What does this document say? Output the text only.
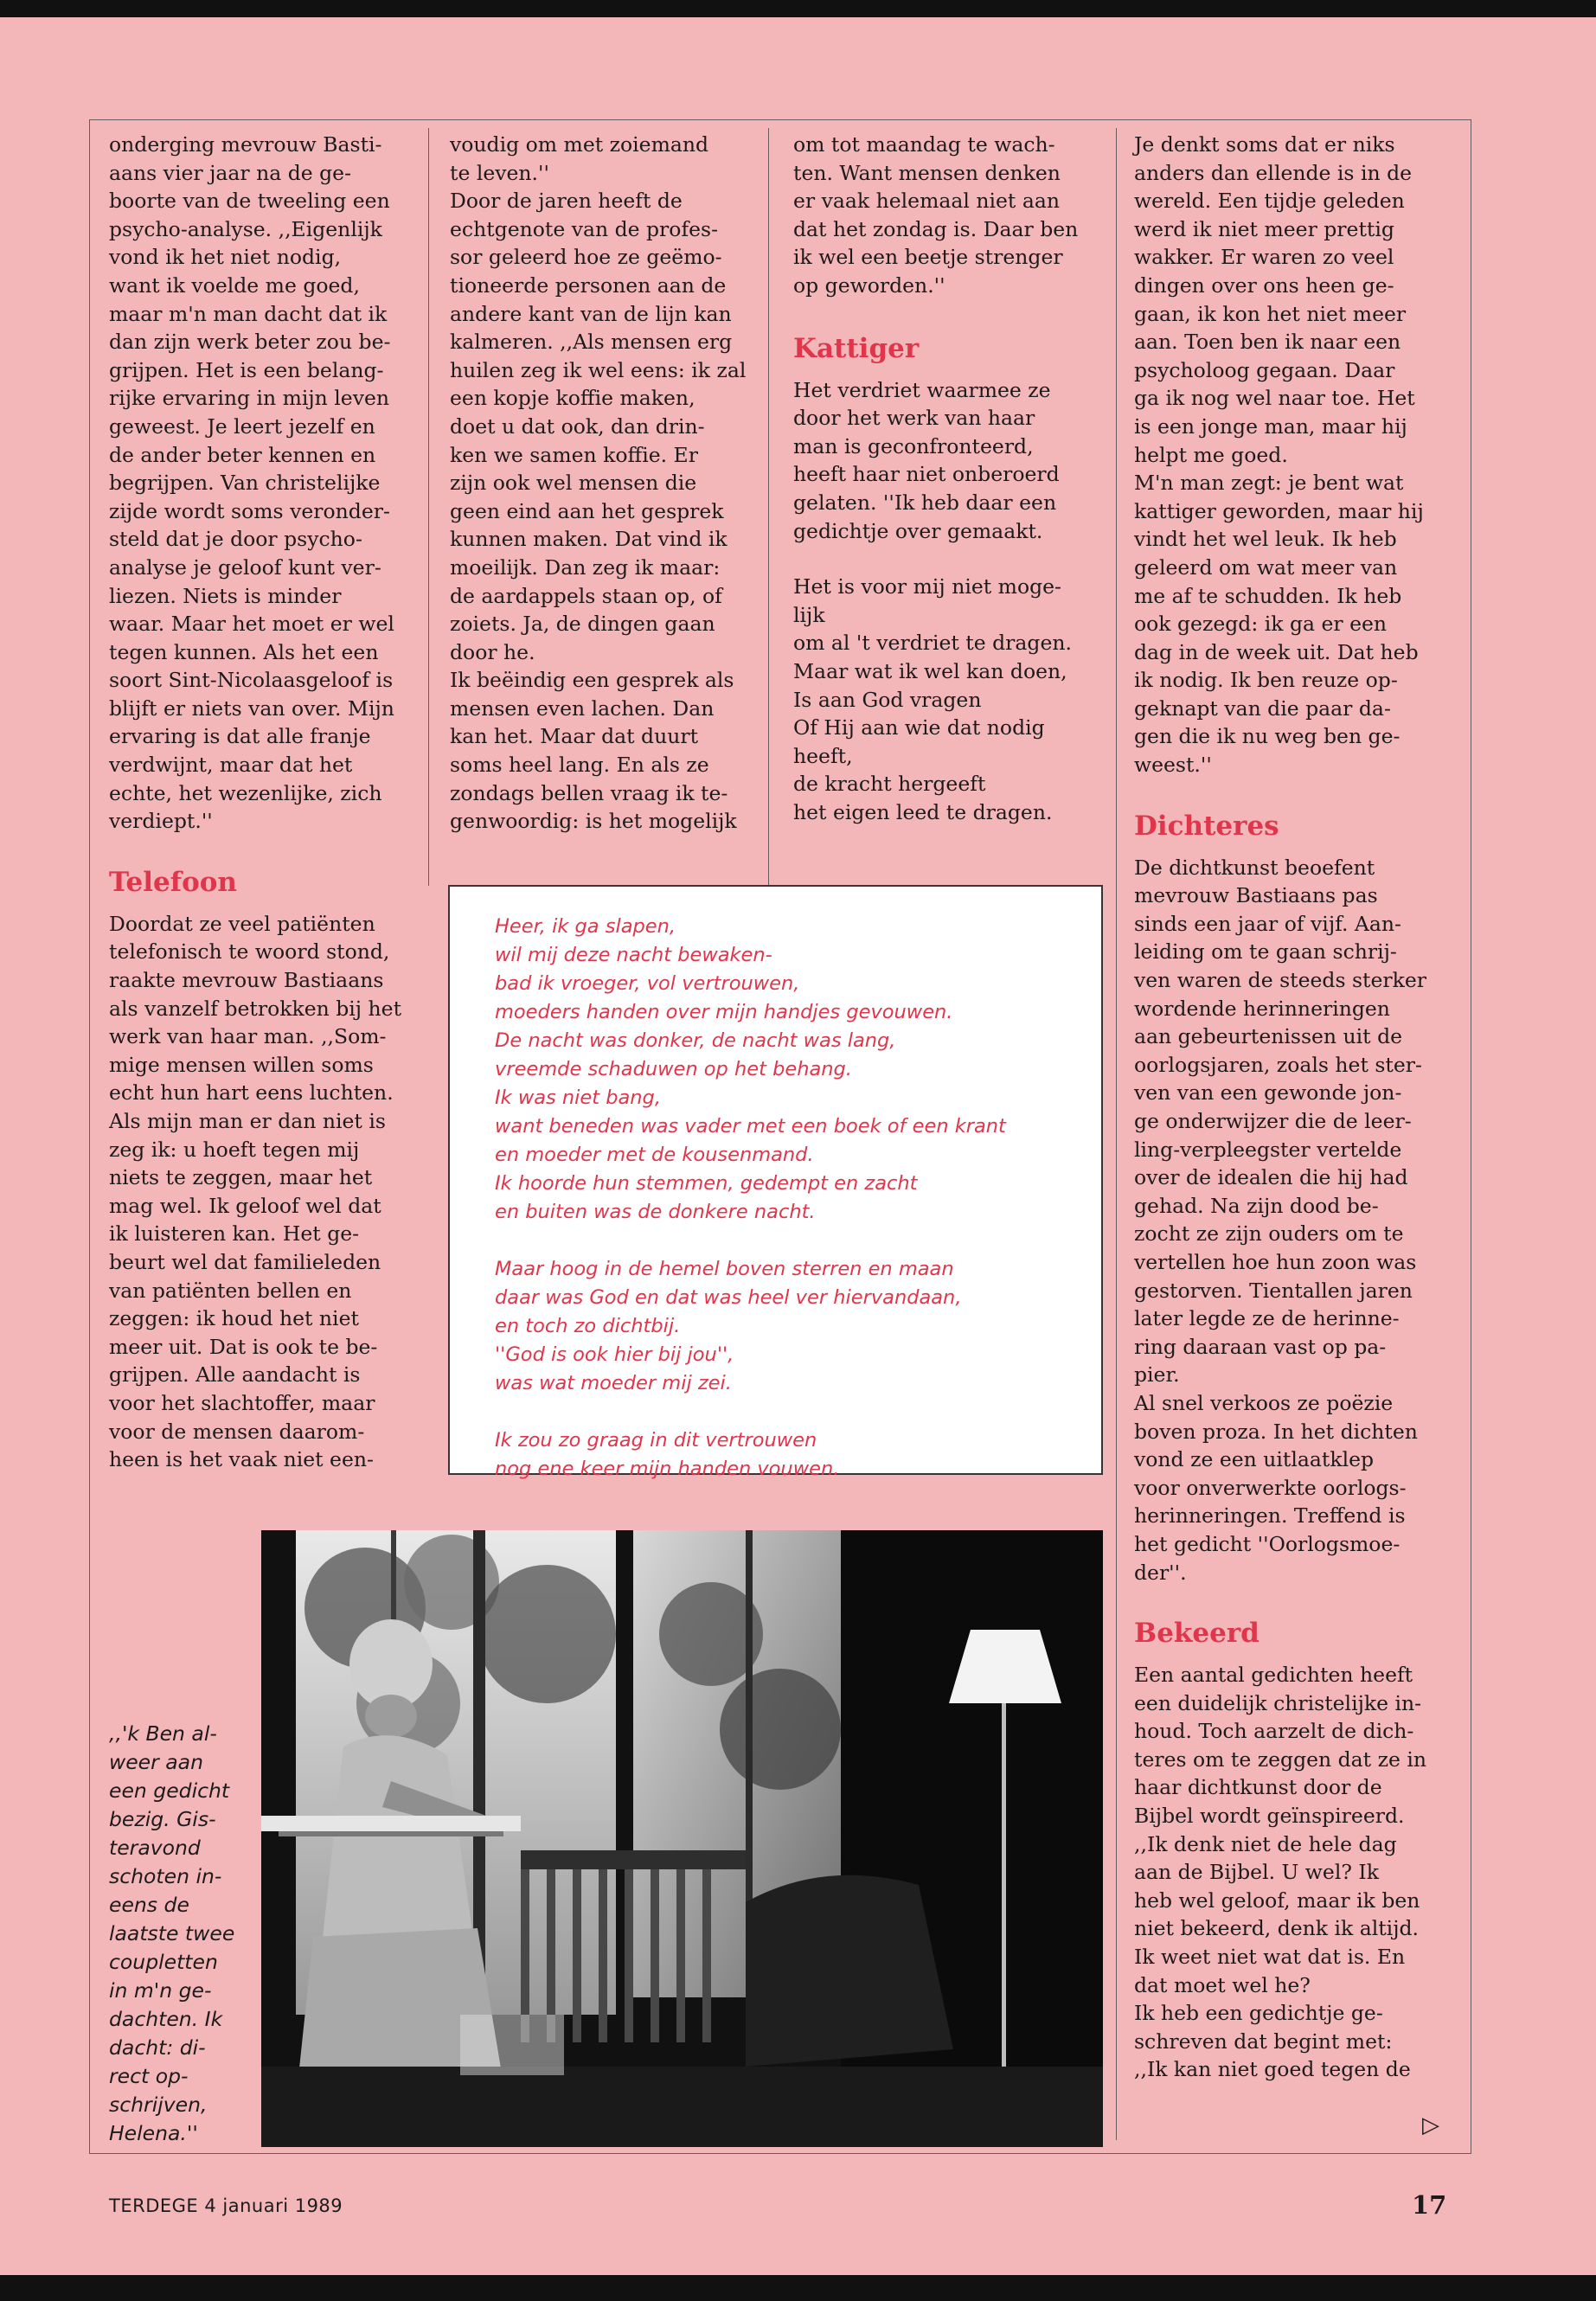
onderging mevrouw Basti-
aans vier jaar na de ge-
boorte van de tweeling een
psycho-analyse. ,,Eigenlijk
vond ik het niet nodig,
want ik voelde me goed,
maar m'n man dacht dat ik
dan zijn werk beter zou be-
grijpen. Het is een belang-
rijke ervaring in mijn leven
geweest. Je leert jezelf en
de ander beter kennen en
begrijpen. Van christelijke
zijde wordt soms veronder-
steld dat je door psycho-
analyse je geloof kunt ver-
liezen. Niets is minder
waar. Maar het moet er wel
tegen kunnen. Als het een
soort Sint-Nicolaasgeloof is
blijft er niets van over. Mijn
ervaring is dat alle franje
verdwijnt, maar dat het
echte, het wezenlijke, zich
verdiept.''

Telefoon

Doordat ze veel patiënten
telefonisch te woord stond,
raakte mevrouw Bastiaans
als vanzelf betrokken bij het
werk van haar man. ,,Som-
mige mensen willen soms
echt hun hart eens luchten.
Als mijn man er dan niet is
zeg ik: u hoeft tegen mij
niets te zeggen, maar het
mag wel. Ik geloof wel dat
ik luisteren kan. Het ge-
beurt wel dat familieleden
van patiënten bellen en
zeggen: ik houd het niet
meer uit. Dat is ook te be-
grijpen. Alle aandacht is
voor het slachtoffer, maar
voor de mensen daarom-
heen is het vaak niet een-

voudig om met zoiemand
te leven.''
Door de jaren heeft de
echtgenote van de profes-
sor geleerd hoe ze geëmo-
tioneerde personen aan de
andere kant van de lijn kan
kalmeren. ,,Als mensen erg
huilen zeg ik wel eens: ik zal
een kopje koffie maken,
doet u dat ook, dan drin-
ken we samen koffie. Er
zijn ook wel mensen die
geen eind aan het gesprek
kunnen maken. Dat vind ik
moeilijk. Dan zeg ik maar:
de aardappels staan op, of
zoiets. Ja, de dingen gaan
door he.
Ik beëindig een gesprek als
mensen even lachen. Dan
kan het. Maar dat duurt
soms heel lang. En als ze
zondags bellen vraag ik te-
genwoordig: is het mogelijk

om tot maandag te wach-
ten. Want mensen denken
er vaak helemaal niet aan
dat het zondag is. Daar ben
ik wel een beetje strenger
op geworden.''

Kattiger

Het verdriet waarmee ze
door het werk van haar
man is geconfronteerd,
heeft haar niet onberoerd
gelaten. ''Ik heb daar een
gedichtje over gemaakt.

Het is voor mij niet moge-
lijk
om al 't verdriet te dragen.
Maar wat ik wel kan doen,
Is aan God vragen
Of Hij aan wie dat nodig
heeft,
de kracht hergeeft
het eigen leed te dragen.

Je denkt soms dat er niks
anders dan ellende is in de
wereld. Een tijdje geleden
werd ik niet meer prettig
wakker. Er waren zo veel
dingen over ons heen ge-
gaan, ik kon het niet meer
aan. Toen ben ik naar een
psycholoog gegaan. Daar
ga ik nog wel naar toe. Het
is een jonge man, maar hij
helpt me goed.
M'n man zegt: je bent wat
kattiger geworden, maar hij
vindt het wel leuk. Ik heb
geleerd om wat meer van
me af te schudden. Ik heb
ook gezegd: ik ga er een
dag in de week uit. Dat heb
ik nodig. Ik ben reuze op-
geknapt van die paar da-
gen die ik nu weg ben ge-
weest.''

Dichteres

De dichtkunst beoefent
mevrouw Bastiaans pas
sinds een jaar of vijf. Aan-
leiding om te gaan schrij-
ven waren de steeds sterker
wordende herinneringen
aan gebeurtenissen uit de
oorlogsjaren, zoals het ster-
ven van een gewonde jon-
ge onderwijzer die de leer-
ling-verpleegster vertelde
over de idealen die hij had
gehad. Na zijn dood be-
zocht ze zijn ouders om te
vertellen hoe hun zoon was
gestorven. Tientallen jaren
later legde ze de herinne-
ring daaraan vast op pa-
pier.
Al snel verkoos ze poëzie
boven proza. In het dichten
vond ze een uitlaatklep
voor onverwerkte oorlogs-
herinneringen. Treffend is
het gedicht ''Oorlogsmoe-
der''.

Bekeerd

Een aantal gedichten heeft
een duidelijk christelijke in-
houd. Toch aarzelt de dich-
teres om te zeggen dat ze in
haar dichtkunst door de
Bijbel wordt geïnspireerd.
,,Ik denk niet de hele dag
aan de Bijbel. U wel? Ik
heb wel geloof, maar ik ben
niet bekeerd, denk ik altijd.
Ik weet niet wat dat is. En
dat moet wel he?
Ik heb een gedichtje ge-
schreven dat begint met:
,,Ik kan niet goed tegen de

▷

Heer, ik ga slapen,
wil mij deze nacht bewaken-
bad ik vroeger, vol vertrouwen,
moeders handen over mijn handjes gevouwen.
De nacht was donker, de nacht was lang,
vreemde schaduwen op het behang.
Ik was niet bang,
want beneden was vader met een boek of een krant
en moeder met de kousenmand.
Ik hoorde hun stemmen, gedempt en zacht
en buiten was de donkere nacht.

Maar hoog in de hemel boven sterren en maan
daar was God en dat was heel ver hiervandaan,
en toch zo dichtbij.
''God is ook hier bij jou'',
was wat moeder mij zei.

Ik zou zo graag in dit vertrouwen
nog ene keer mijn handen vouwen.

,,'k Ben al-
weer aan
een gedicht
bezig. Gis-
teravond
schoten in-
eens de
laatste twee
coupletten
in m'n ge-
dachten. Ik
dacht: di-
rect op-
schrijven,
Helena.''
TERDEGE 4 januari 1989	17
